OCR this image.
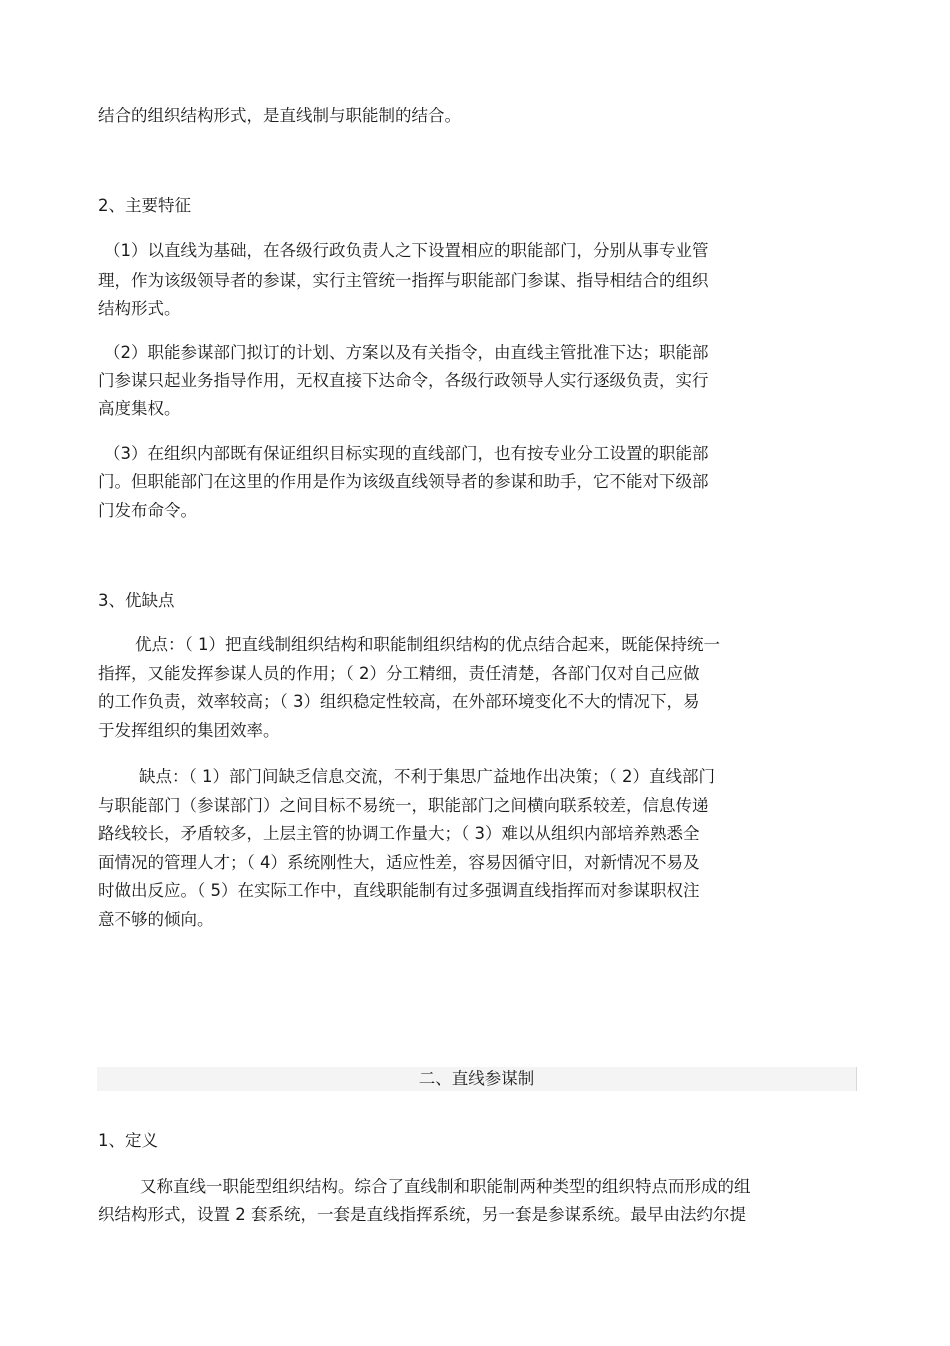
结合的组织结构形式，是直线制与职能制的结合。

2、主要特征

（1）以直线为基础，在各级行政负责人之下设置相应的职能部门，分别从事专业管

理，作为该级领导者的参谋，实行主管统一指挥与职能部门参谋、指导相结合的组织

结构形式。

（2）职能参谋部门拟订的计划、方案以及有关指令，由直线主管批准下达；职能部

门参谋只起业务指导作用，无权直接下达命令，各级行政领导人实行逐级负责，实行

高度集权。

（3）在组织内部既有保证组织目标实现的直线部门，也有按专业分工设置的职能部

门。但职能部门在这里的作用是作为该级直线领导者的参谋和助手，它不能对下级部

门发布命令。

3、优缺点

优点：（ 1）把直线制组织结构和职能制组织结构的优点结合起来，既能保持统一

指挥，又能发挥参谋人员的作用；（ 2）分工精细，责任清楚，各部门仅对自己应做

的工作负责，效率较高；（ 3）组织稳定性较高，在外部环境变化不大的情况下，易

于发挥组织的集团效率。

缺点：（ 1）部门间缺乏信息交流，不利于集思广益地作出决策；（ 2）直线部门

与职能部门（参谋部门）之间目标不易统一，职能部门之间横向联系较差，信息传递

路线较长，矛盾较多，上层主管的协调工作量大；（ 3）难以从组织内部培养熟悉全

面情况的管理人才；（ 4）系统刚性大，适应性差，容易因循守旧，对新情况不易及

时做出反应。（ 5）在实际工作中，直线职能制有过多强调直线指挥而对参谋职权注

意不够的倾向。

二、直线参谋制

1、定义

又称直线一职能型组织结构。综合了直线制和职能制两种类型的组织特点而形成的组

织结构形式，设置 2 套系统，一套是直线指挥系统，另一套是参谋系统。最早由法约尔提
